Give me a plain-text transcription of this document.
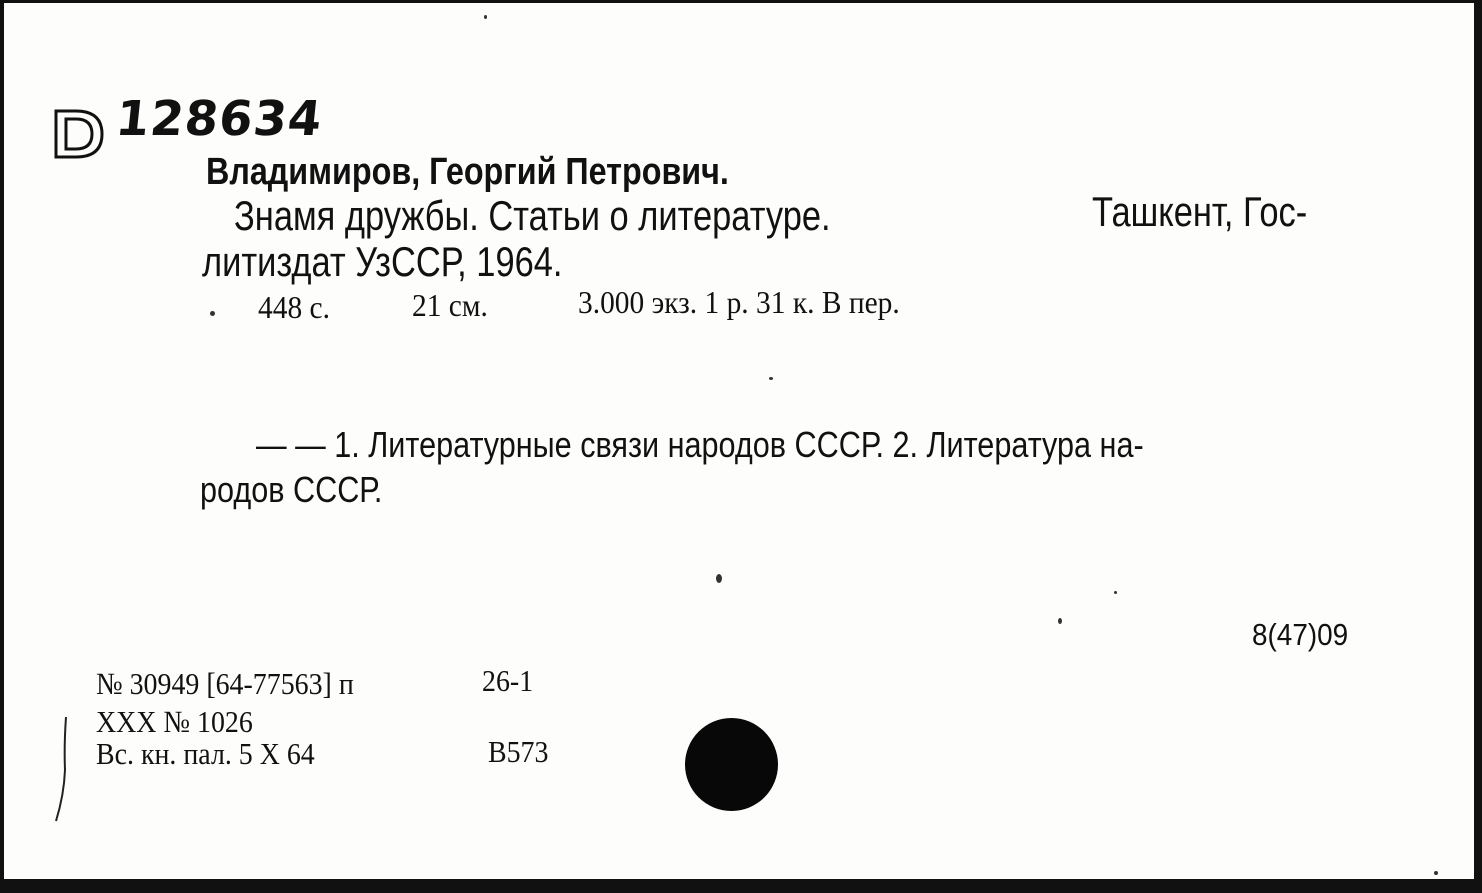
128634
Владимиров, Георгий Петрович.
Знамя дружбы. Статьи о литературе.	Ташкент, Гос-
литиздат УзССР, 1964.
448 с.	21 см.	3.000 экз. 1 р. 31 к. В пер.
— — 1. Литературные связи народов СССР. 2. Литература на-
родов СССР.
8(47)09
№ 30949 [64-77563] п	26-1
XXX № 1026
Вс. кн. пал. 5 X 64	В573
